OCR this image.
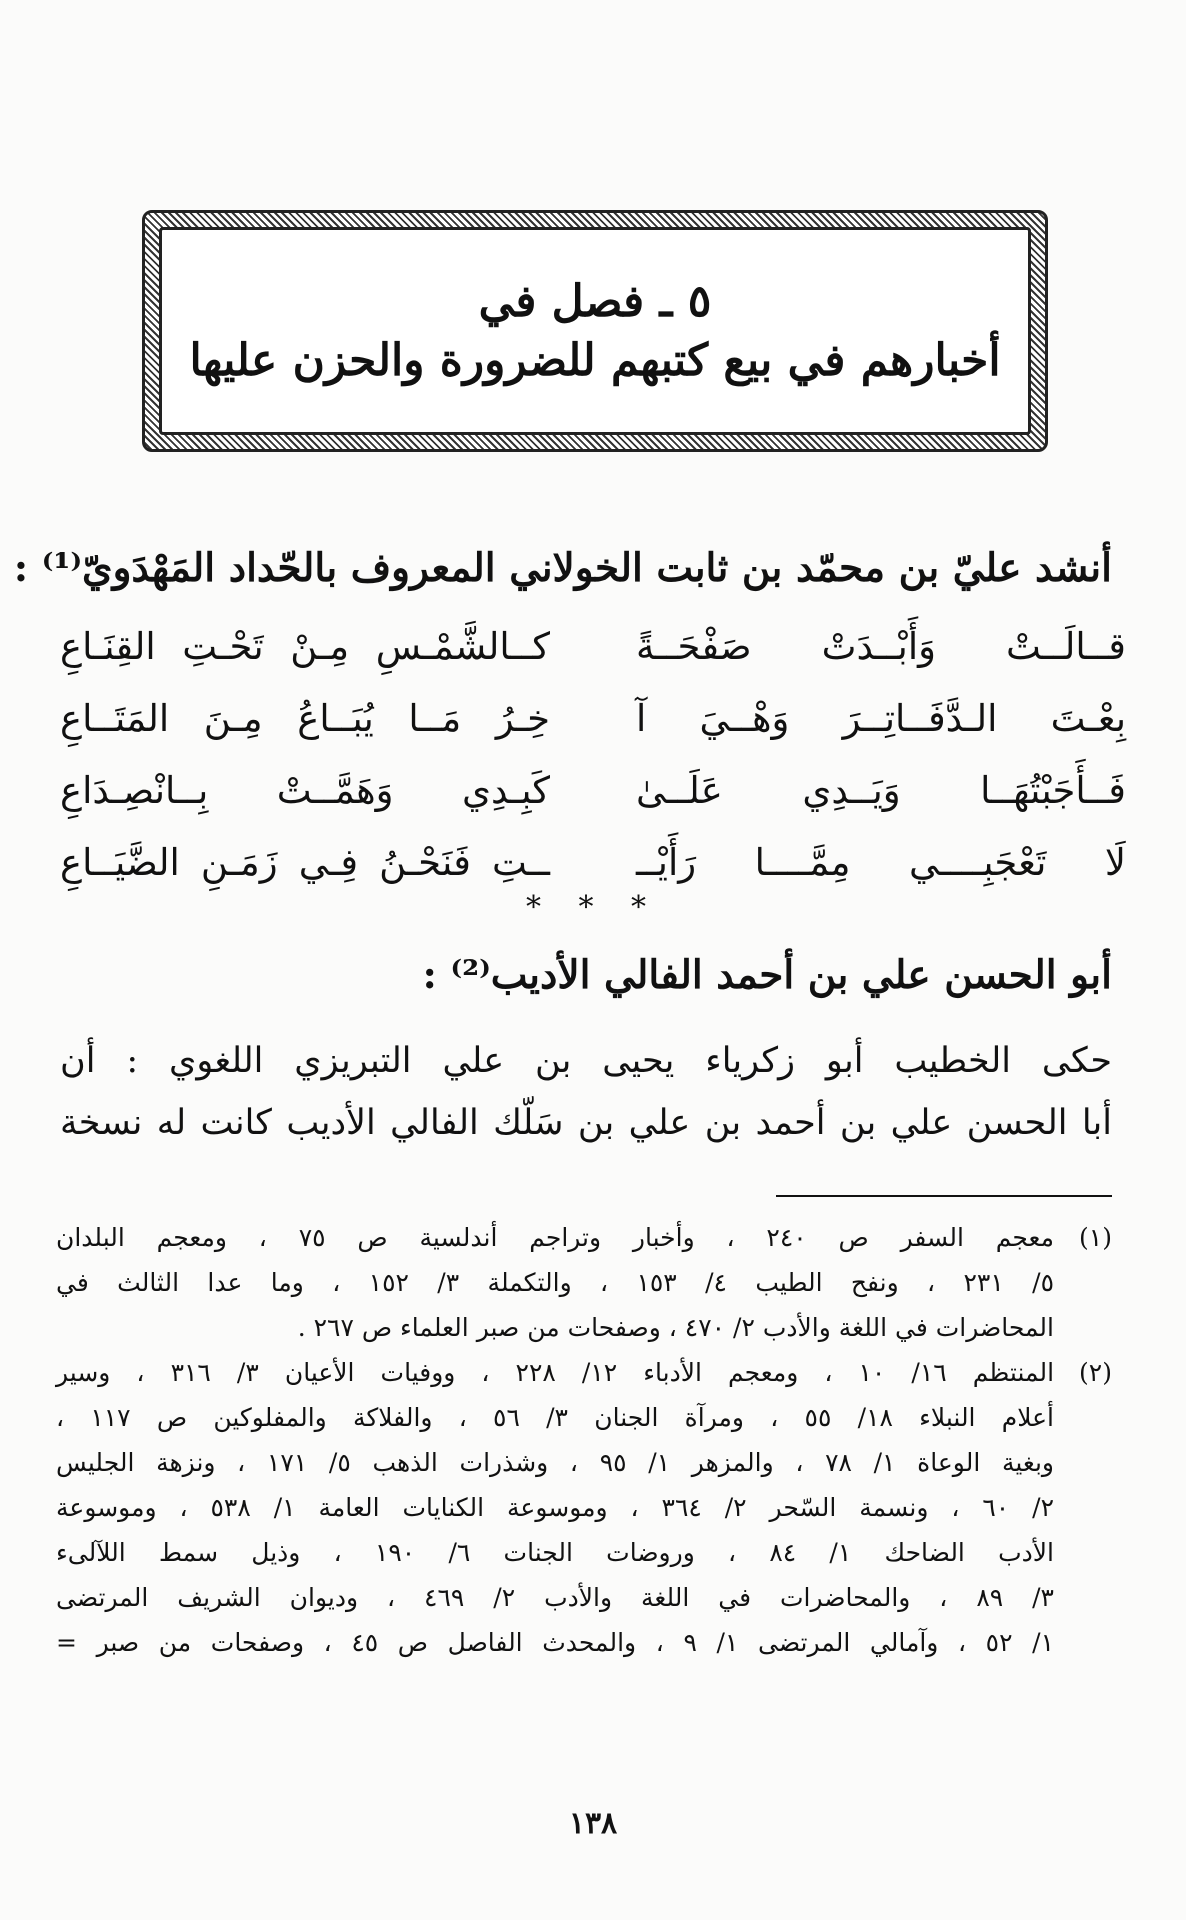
٥ ـ فصل في
أخبارهم في بيع كتبهم للضرورة والحزن عليها
أنشد عليّ بن محمّد بن ثابت الخولاني المعروف بالحّداد المَهْدَويّ⁽¹⁾ :
قــالَــتْ وَأَبْــدَتْ صَفْحَــةً
كــالشَّمْـسِ مِـنْ تَحْـتِ القِنَـاعِ
بِعْـتَ الـدَّفَــاتِــرَ وَهْــيَ آ
خِـرُ مَــا يُبَــاعُ مِـنَ المَتَــاعِ
فَــأَجَبْتُهَــا وَيَــدِي عَلَــىٰ
كَبِـدِي وَهَمَّــتْ بِــانْصِـدَاعِ
لَا تَعْجَبِــــي مِمَّــــا رَأَيْــ
ــتِ فَنَحْـنُ فِـي زَمَـنِ الضَّيَــاعِ
* * *
أبو الحسن علي بن أحمد الفالي الأديب⁽²⁾ :
حكى الخطيب أبو زكرياء يحيى بن علي التبريزي اللغوي : أن
أبا الحسن علي بن أحمد بن علي بن سَلّك الفالي الأديب كانت له نسخة
(١)
معجم السفر ص ٢٤٠ ، وأخبار وتراجم أندلسية ص ٧٥ ، ومعجم البلدان
٥/ ٢٣١ ، ونفح الطيب ٤/ ١٥٣ ، والتكملة ٣/ ١٥٢ ، وما عدا الثالث في
المحاضرات في اللغة والأدب ٢/ ٤٧٠ ، وصفحات من صبر العلماء ص ٢٦٧ .
(٢)
المنتظم ١٦/ ١٠ ، ومعجم الأدباء ١٢/ ٢٢٨ ، ووفيات الأعيان ٣/ ٣١٦ ، وسير
أعلام النبلاء ١٨/ ٥٥ ، ومرآة الجنان ٣/ ٥٦ ، والفلاكة والمفلوكين ص ١١٧ ،
وبغية الوعاة ١/ ٧٨ ، والمزهر ١/ ٩٥ ، وشذرات الذهب ٥/ ١٧١ ، ونزهة الجليس
٢/ ٦٠ ، ونسمة السّحر ٢/ ٣٦٤ ، وموسوعة الكنايات العامة ١/ ٥٣٨ ، وموسوعة
الأدب الضاحك ١/ ٨٤ ، وروضات الجنات ٦/ ١٩٠ ، وذيل سمط اللآلىء
٣/ ٨٩ ، والمحاضرات في اللغة والأدب ٢/ ٤٦٩ ، وديوان الشريف المرتضى
١/ ٥٢ ، وآمالي المرتضى ١/ ٩ ، والمحدث الفاصل ص ٤٥ ، وصفحات من صبر =
١٣٨
